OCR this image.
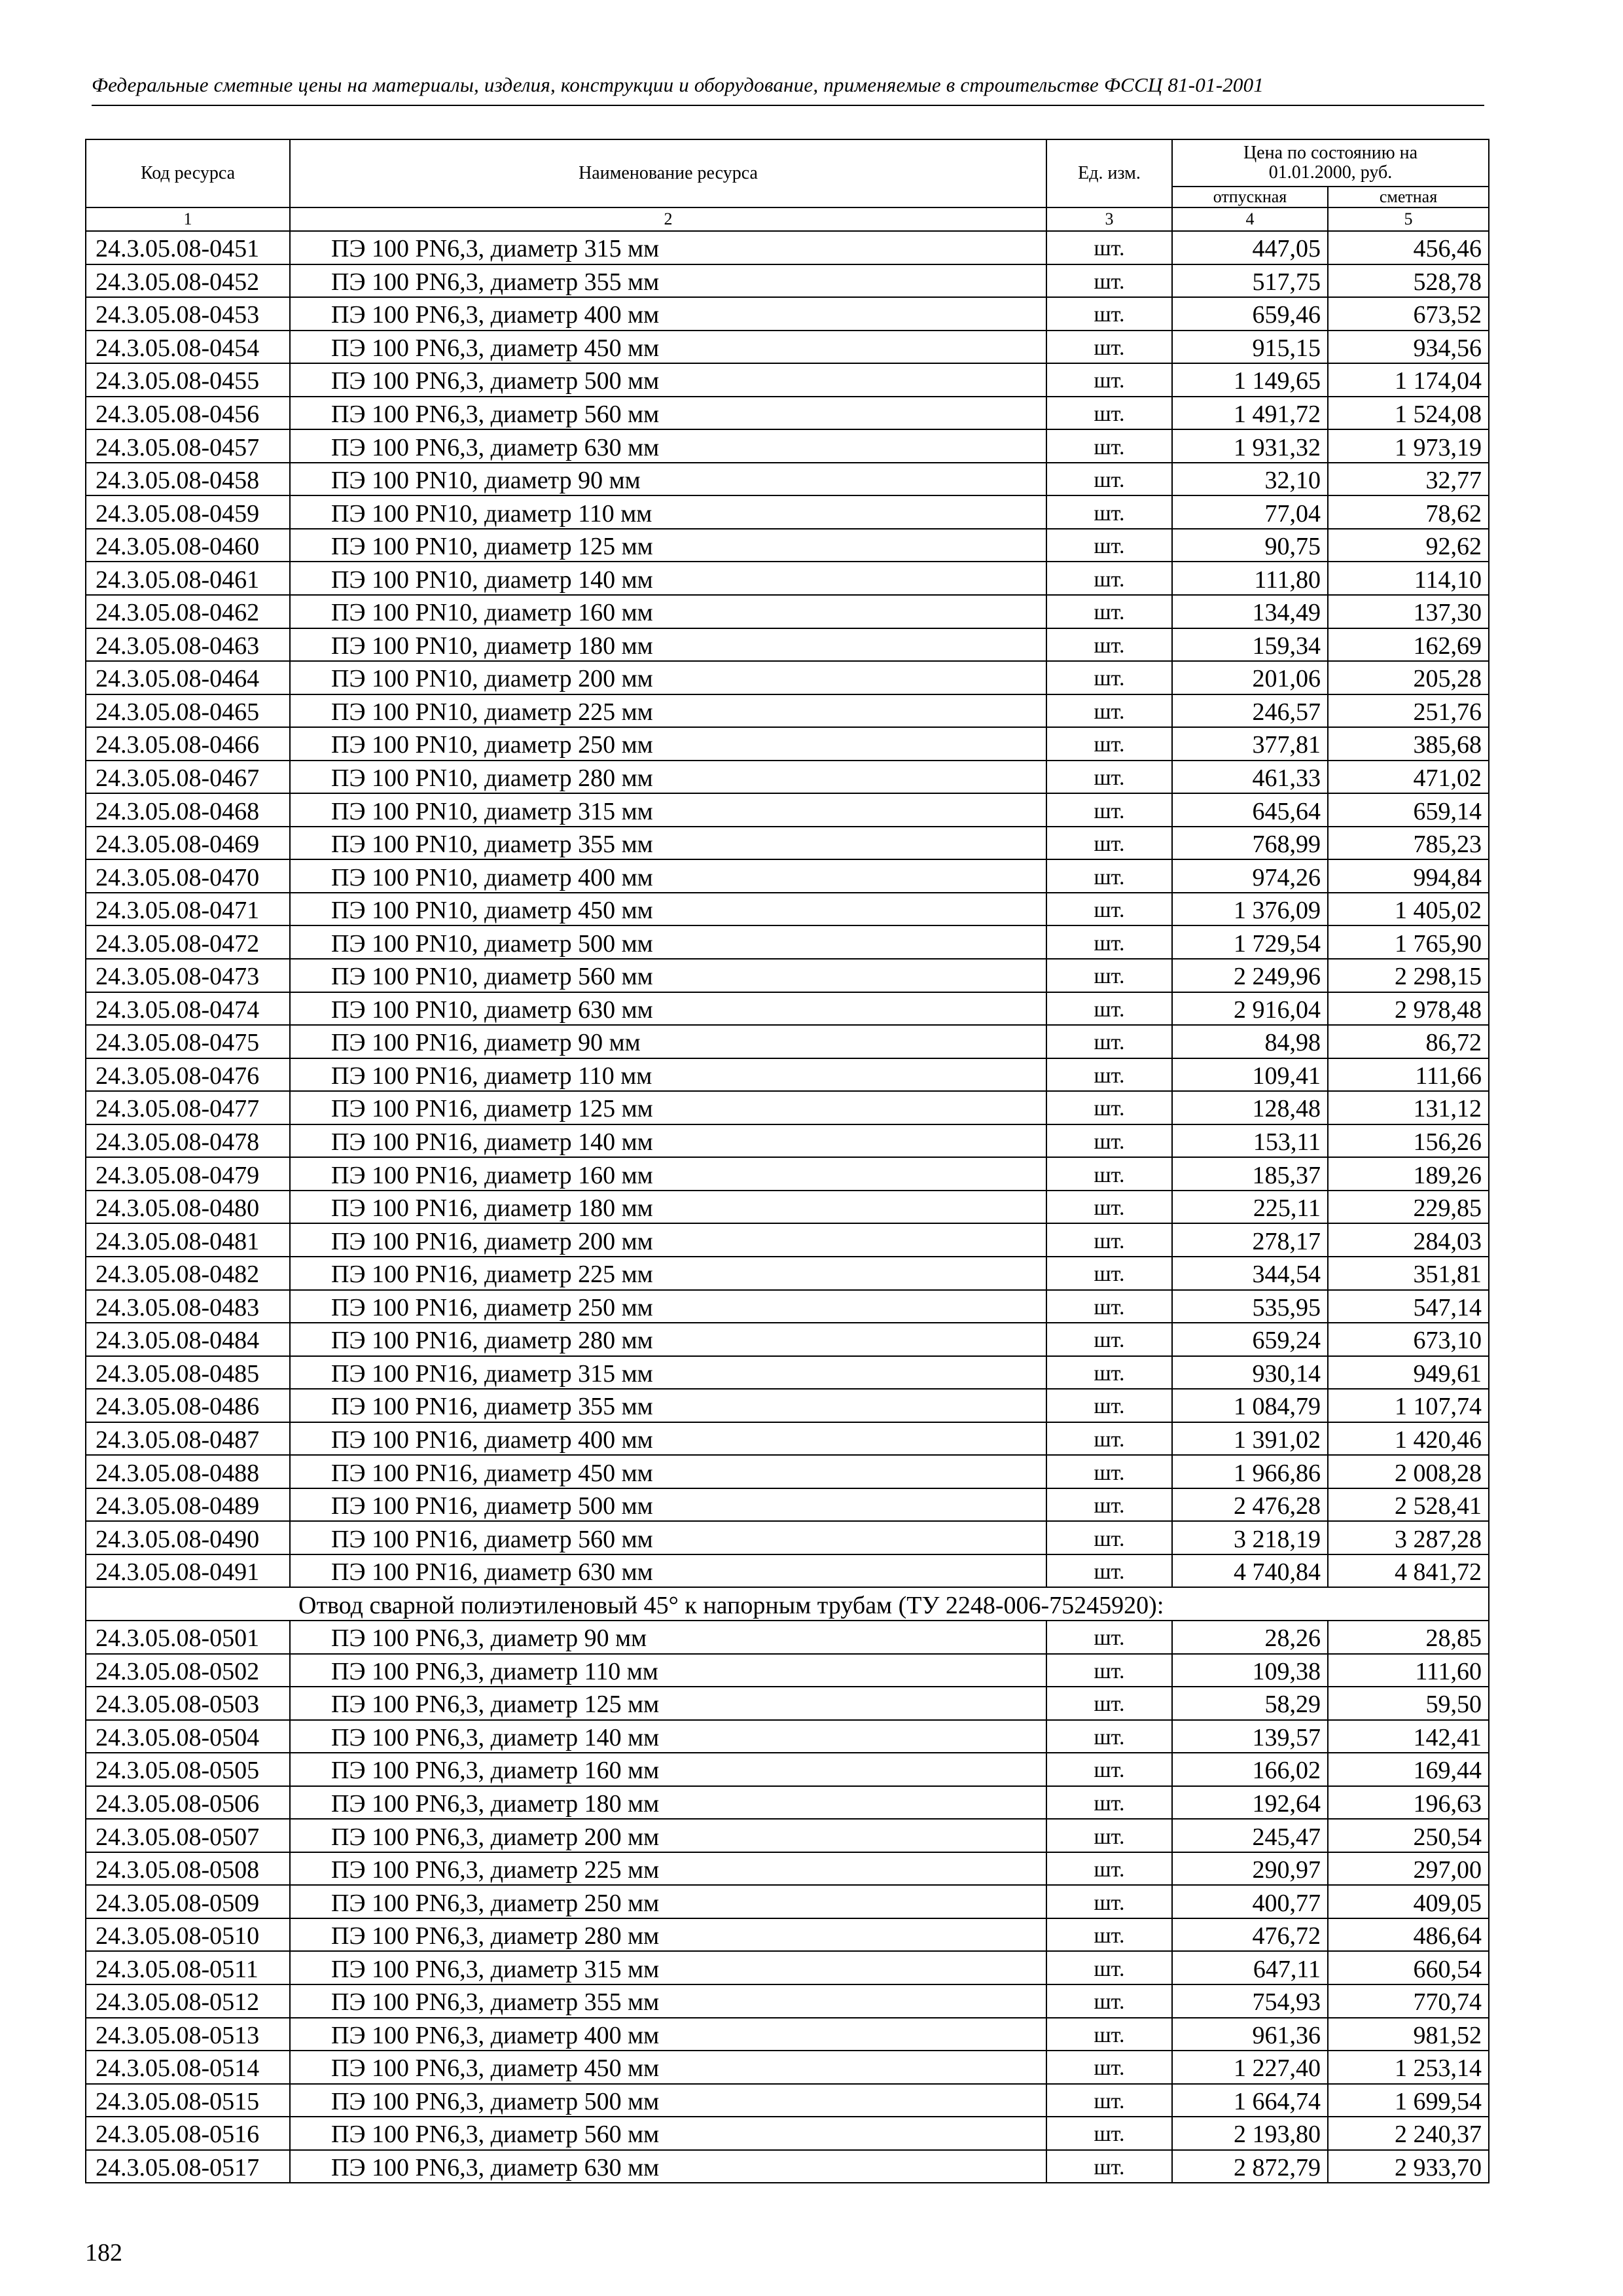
Федеральные сметные цены на материалы, изделия, конструкции и оборудование, применяемые в строительстве ФССЦ 81-01-2001
Код ресурса	Наименование ресурса	Ед. изм.	Цена по состоянию на 01.01.2000, руб.	
			отпускная	сметная
1	2	3	4	5
24.3.05.08-0451	ПЭ 100 PN6,3, диаметр 315 мм	шт.	447,05	456,46
24.3.05.08-0452	ПЭ 100 PN6,3, диаметр 355 мм	шт.	517,75	528,78
24.3.05.08-0453	ПЭ 100 PN6,3, диаметр 400 мм	шт.	659,46	673,52
24.3.05.08-0454	ПЭ 100 PN6,3, диаметр 450 мм	шт.	915,15	934,56
24.3.05.08-0455	ПЭ 100 PN6,3, диаметр 500 мм	шт.	1 149,65	1 174,04
24.3.05.08-0456	ПЭ 100 PN6,3, диаметр 560 мм	шт.	1 491,72	1 524,08
24.3.05.08-0457	ПЭ 100 PN6,3, диаметр 630 мм	шт.	1 931,32	1 973,19
24.3.05.08-0458	ПЭ 100 PN10, диаметр 90 мм	шт.	32,10	32,77
24.3.05.08-0459	ПЭ 100 PN10, диаметр 110 мм	шт.	77,04	78,62
24.3.05.08-0460	ПЭ 100 PN10, диаметр 125 мм	шт.	90,75	92,62
24.3.05.08-0461	ПЭ 100 PN10, диаметр 140 мм	шт.	111,80	114,10
24.3.05.08-0462	ПЭ 100 PN10, диаметр 160 мм	шт.	134,49	137,30
24.3.05.08-0463	ПЭ 100 PN10, диаметр 180 мм	шт.	159,34	162,69
24.3.05.08-0464	ПЭ 100 PN10, диаметр 200 мм	шт.	201,06	205,28
24.3.05.08-0465	ПЭ 100 PN10, диаметр 225 мм	шт.	246,57	251,76
24.3.05.08-0466	ПЭ 100 PN10, диаметр 250 мм	шт.	377,81	385,68
24.3.05.08-0467	ПЭ 100 PN10, диаметр 280 мм	шт.	461,33	471,02
24.3.05.08-0468	ПЭ 100 PN10, диаметр 315 мм	шт.	645,64	659,14
24.3.05.08-0469	ПЭ 100 PN10, диаметр 355 мм	шт.	768,99	785,23
24.3.05.08-0470	ПЭ 100 PN10, диаметр 400 мм	шт.	974,26	994,84
24.3.05.08-0471	ПЭ 100 PN10, диаметр 450 мм	шт.	1 376,09	1 405,02
24.3.05.08-0472	ПЭ 100 PN10, диаметр 500 мм	шт.	1 729,54	1 765,90
24.3.05.08-0473	ПЭ 100 PN10, диаметр 560 мм	шт.	2 249,96	2 298,15
24.3.05.08-0474	ПЭ 100 PN10, диаметр 630 мм	шт.	2 916,04	2 978,48
24.3.05.08-0475	ПЭ 100 PN16, диаметр 90 мм	шт.	84,98	86,72
24.3.05.08-0476	ПЭ 100 PN16, диаметр 110 мм	шт.	109,41	111,66
24.3.05.08-0477	ПЭ 100 PN16, диаметр 125 мм	шт.	128,48	131,12
24.3.05.08-0478	ПЭ 100 PN16, диаметр 140 мм	шт.	153,11	156,26
24.3.05.08-0479	ПЭ 100 PN16, диаметр 160 мм	шт.	185,37	189,26
24.3.05.08-0480	ПЭ 100 PN16, диаметр 180 мм	шт.	225,11	229,85
24.3.05.08-0481	ПЭ 100 PN16, диаметр 200 мм	шт.	278,17	284,03
24.3.05.08-0482	ПЭ 100 PN16, диаметр 225 мм	шт.	344,54	351,81
24.3.05.08-0483	ПЭ 100 PN16, диаметр 250 мм	шт.	535,95	547,14
24.3.05.08-0484	ПЭ 100 PN16, диаметр 280 мм	шт.	659,24	673,10
24.3.05.08-0485	ПЭ 100 PN16, диаметр 315 мм	шт.	930,14	949,61
24.3.05.08-0486	ПЭ 100 PN16, диаметр 355 мм	шт.	1 084,79	1 107,74
24.3.05.08-0487	ПЭ 100 PN16, диаметр 400 мм	шт.	1 391,02	1 420,46
24.3.05.08-0488	ПЭ 100 PN16, диаметр 450 мм	шт.	1 966,86	2 008,28
24.3.05.08-0489	ПЭ 100 PN16, диаметр 500 мм	шт.	2 476,28	2 528,41
24.3.05.08-0490	ПЭ 100 PN16, диаметр 560 мм	шт.	3 218,19	3 287,28
24.3.05.08-0491	ПЭ 100 PN16, диаметр 630 мм	шт.	4 740,84	4 841,72
Отвод сварной полиэтиленовый 45° к напорным трубам (ТУ 2248-006-75245920):				
24.3.05.08-0501	ПЭ 100 PN6,3, диаметр 90 мм	шт.	28,26	28,85
24.3.05.08-0502	ПЭ 100 PN6,3, диаметр 110 мм	шт.	109,38	111,60
24.3.05.08-0503	ПЭ 100 PN6,3, диаметр 125 мм	шт.	58,29	59,50
24.3.05.08-0504	ПЭ 100 PN6,3, диаметр 140 мм	шт.	139,57	142,41
24.3.05.08-0505	ПЭ 100 PN6,3, диаметр 160 мм	шт.	166,02	169,44
24.3.05.08-0506	ПЭ 100 PN6,3, диаметр 180 мм	шт.	192,64	196,63
24.3.05.08-0507	ПЭ 100 PN6,3, диаметр 200 мм	шт.	245,47	250,54
24.3.05.08-0508	ПЭ 100 PN6,3, диаметр 225 мм	шт.	290,97	297,00
24.3.05.08-0509	ПЭ 100 PN6,3, диаметр 250 мм	шт.	400,77	409,05
24.3.05.08-0510	ПЭ 100 PN6,3, диаметр 280 мм	шт.	476,72	486,64
24.3.05.08-0511	ПЭ 100 PN6,3, диаметр 315 мм	шт.	647,11	660,54
24.3.05.08-0512	ПЭ 100 PN6,3, диаметр 355 мм	шт.	754,93	770,74
24.3.05.08-0513	ПЭ 100 PN6,3, диаметр 400 мм	шт.	961,36	981,52
24.3.05.08-0514	ПЭ 100 PN6,3, диаметр 450 мм	шт.	1 227,40	1 253,14
24.3.05.08-0515	ПЭ 100 PN6,3, диаметр 500 мм	шт.	1 664,74	1 699,54
24.3.05.08-0516	ПЭ 100 PN6,3, диаметр 560 мм	шт.	2 193,80	2 240,37
24.3.05.08-0517	ПЭ 100 PN6,3, диаметр 630 мм	шт.	2 872,79	2 933,70
182
